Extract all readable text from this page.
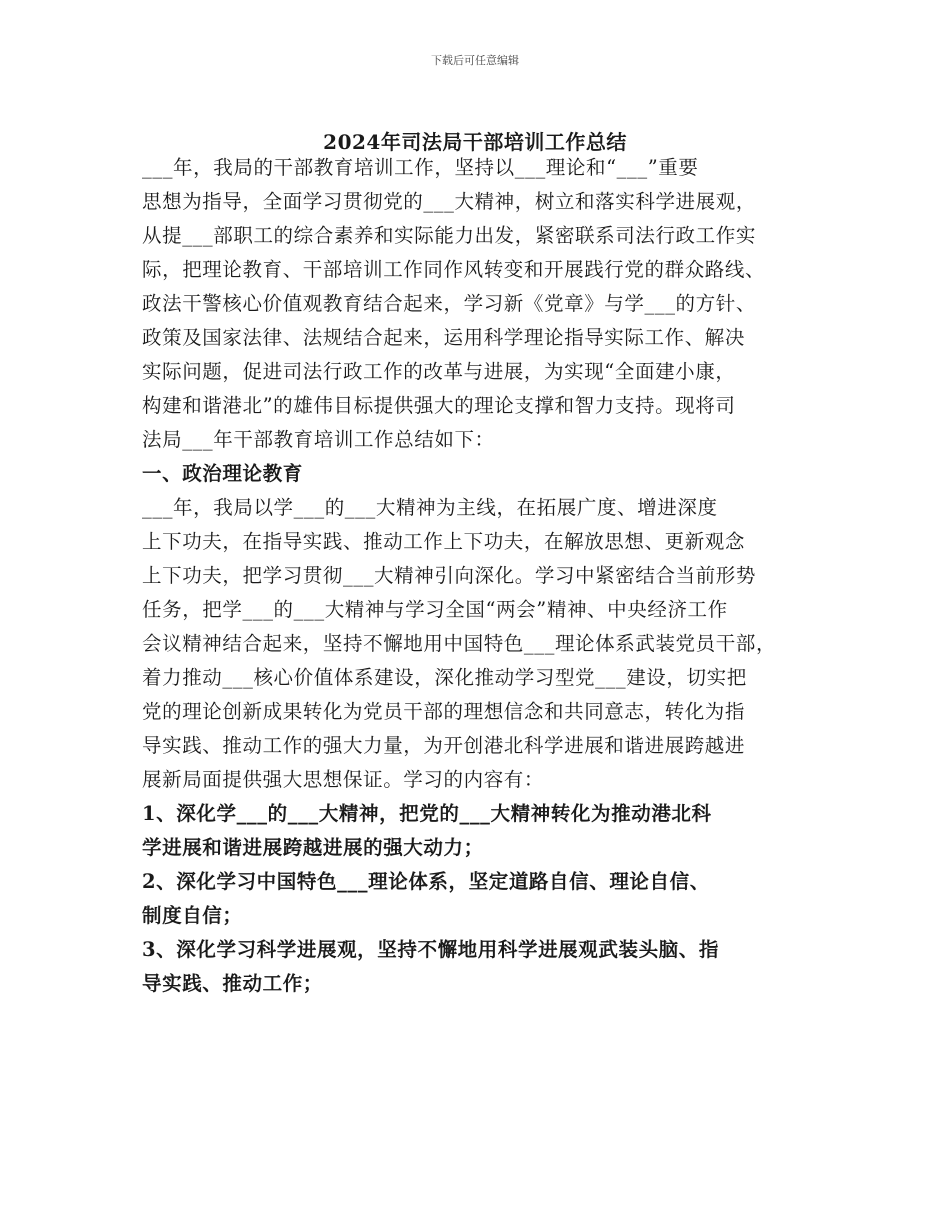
下载后可任意编辑
2024年司法局干部培训工作总结
___年，我局的干部教育培训工作，坚持以___理论和“___”重要
思想为指导，全面学习贯彻党的___大精神，树立和落实科学进展观，
从提___部职工的综合素养和实际能力出发，紧密联系司法行政工作实
际，把理论教育、干部培训工作同作风转变和开展践行党的群众路线、
政法干警核心价值观教育结合起来，学习新《党章》与学___的方针、
政策及国家法律、法规结合起来，运用科学理论指导实际工作、解决
实际问题，促进司法行政工作的改革与进展，为实现“全面建小康，
构建和谐港北”的雄伟目标提供强大的理论支撑和智力支持。现将司
法局___年干部教育培训工作总结如下：
一、政治理论教育
___年，我局以学___的___大精神为主线，在拓展广度、增进深度
上下功夫，在指导实践、推动工作上下功夫，在解放思想、更新观念
上下功夫，把学习贯彻___大精神引向深化。学习中紧密结合当前形势
任务，把学___的___大精神与学习全国“两会”精神、中央经济工作
会议精神结合起来，坚持不懈地用中国特色___理论体系武装党员干部，
着力推动___核心价值体系建设，深化推动学习型党___建设，切实把
党的理论创新成果转化为党员干部的理想信念和共同意志，转化为指
导实践、推动工作的强大力量，为开创港北科学进展和谐进展跨越进
展新局面提供强大思想保证。学习的内容有：
1、深化学___的___大精神，把党的___大精神转化为推动港北科
学进展和谐进展跨越进展的强大动力；
2、深化学习中国特色___理论体系，坚定道路自信、理论自信、
制度自信；
3、深化学习科学进展观，坚持不懈地用科学进展观武装头脑、指
导实践、推动工作；
